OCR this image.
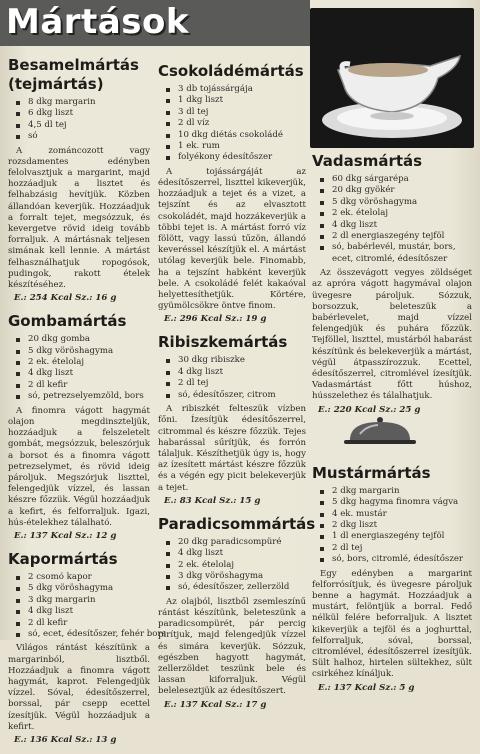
Mártások
Besamelmártás (tejmártás)
8 dkg margarin
6 dkg liszt
4,5 dl tej
só

A zománcozott vagy rozsdamentes edényben felolvasztjuk a margarint, majd hozzáadjuk a lisztet és felhabzásig hevítjük. Közben állandóan keverjük. Hozzáadjuk a forralt tejet, megsózzuk, és kevergetve rövid ideig tovább forraljuk. A mártásnak teljesen simának kell lennie. A mártást felhasználhatjuk ropogósok, pudingok, rakott ételek készítéséhez.

E.: 254 Kcal Sz.: 16 g
Gombamártás
20 dkg gomba
5 dkg vöröshagyma
2 ek. ételolaj
4 dkg liszt
2 dl kefir
só, petrezselyemzöld, bors

A finomra vágott hagymát olajon megdinszteljük, hozzáadjuk a felszeletelt gombát, megsózzuk, beleszórjuk a borsot és a finomra vágott petrezselymet, és rövid ideig pároljuk. Megszórjuk liszttel, felengedjük vízzel, és lassan készre főzzük. Végül hozzáadjuk a kefirt, és felforraljuk. Igazi, hús-ételekhez tálalható.

E.: 137 Kcal Sz.: 12 g
Kapormártás
2 csomó kapor
5 dkg vöröshagyma
3 dkg margarin
4 dkg liszt
2 dl kefir
só, ecet, édesítőszer, fehér bors

Világos rántást készítünk a margarinból, lisztből. Hozzáadjuk a finomra vágott hagymát, kaprot. Felengedjük vízzel. Sóval, édesítőszerrel, borssal, pár csepp ecettel ízesítjük. Végül hozzáadjuk a kefirt.

E.: 136 Kcal Sz.: 13 g
Csokoládémártás
3 db tojássárgája
1 dkg liszt
3 dl tej
2 dl víz
10 dkg diétás csokoládé
1 ek. rum
folyékony édesítőszer

A tojássárgáját az édesítőszerrel, liszttel kikeverjük, hozzáadjuk a tejet és a vizet, a tejszínt és az elvasztott csokoládét, majd hozzákeverjük a többi tejet is. A mártást forró víz fölött, vagy lassú tűzön, állandó keveréssel készítjük el. A mártást utólag keverjük bele. Finomabb, ha a tejszínt habként keverjük bele. A csokoládé felét kakaóval helyettesíthetjük. Körtére, gyümölcsökre öntve finom.

E.: 296 Kcal Sz.: 19 g
Ribiszkemártás
30 dkg ribiszke
4 dkg liszt
2 dl tej
só, édesítőszer, citrom

A ribiszkét felteszük vízben főni. Ízesítjük édesítőszerrel, citrommal és készre főzzük. Tejes habarással sűrítjük, és forrón tálaljuk. Készíthetjük úgy is, hogy az ízesített mártást készre főzzük és a végén egy picit belekeverjük a tejet.

E.: 83 Kcal Sz.: 15 g
Paradicsommártás
20 dkg paradicsompüré
4 dkg liszt
2 ek. ételolaj
3 dkg vöröshagyma
só, édesítőszer, zellerzöld

Az olajból, lisztből zsemleszínű rántást készítünk, beleteszünk a paradicsompürét, pár percig pirítjuk, majd felengedjük vízzel és simára keverjük. Sózzuk, egészben hagyott hagymát, zellerzöldet teszünk bele és lassan kiforraljuk. Végül beleleseztjük az édesítőszert.

E.: 137 Kcal Sz.: 17 g
Vadasmártás
60 dkg sárgarépa
20 dkg gyökér
5 dkg vöröshagyma
2 ek. ételolaj
4 dkg liszt
2 dl energiaszegény tejföl
só, babérlevél, mustár, bors, ecet, citromlé, édesítőszer

Az összevágott vegyes zöldséget az apróra vágott hagymával olajon üvegesre pároljuk. Sózzuk, borsozzuk, beleteszük a babérlevelet, majd vízzel felengedjük és puhára főzzük. Tejföllel, liszttel, mustárból habarást készítünk és belekeverjük a mártást, végül átpasszírozzuk. Ecettel, édesítőszerrel, citromlével ízesítjük. Vadasmártást főtt húshoz, hússzelethez és tálalhatjuk.

E.: 220 Kcal Sz.: 25 g
Mustármártás
2 dkg margarin
5 dkg hagyma finomra vágva
4 ek. mustár
2 dkg liszt
1 dl energiaszegény tejföl
2 dl tej
só, bors, citromlé, édesítőszer

Egy edényben a margarint felforrósítjuk, és üvegesre pároljuk benne a hagymát. Hozzáadjuk a mustárt, felöntjük a borral. Fedő nélkül felére beforraljuk. A lisztet kikeverjük a tejföl és a joghurttal, felforraljuk, sóval, borssal, citromlével, édesítőszerrel ízesítjük. Sült halhoz, hirtelen sültekhez, sült csirkéhez kínáljuk.

E.: 137 Kcal Sz.: 5 g
